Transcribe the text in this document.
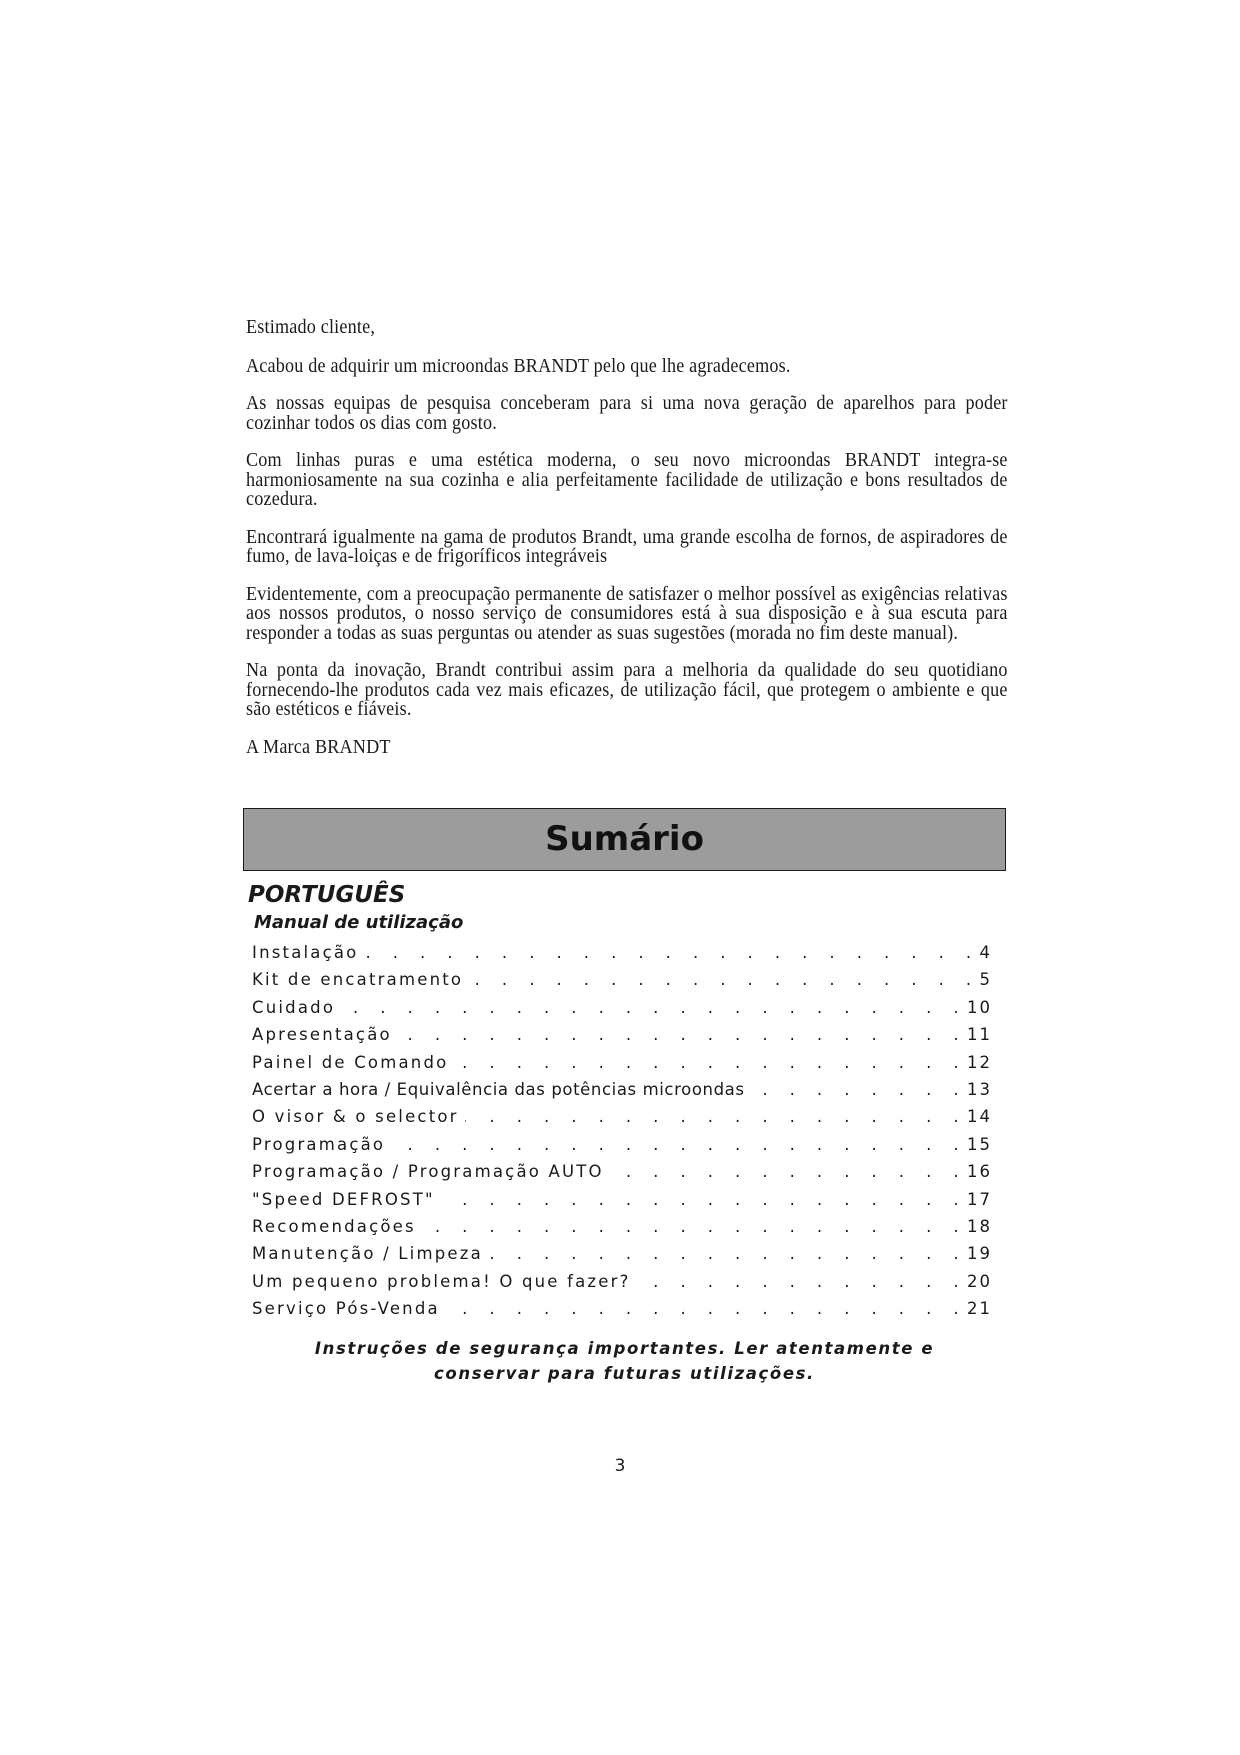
Estimado cliente,

Acabou de adquirir um microondas BRANDT pelo que lhe agradecemos.

As nossas equipas de pesquisa conceberam para si uma nova geração de aparelhos para poder cozinhar todos os dias com gosto.

Com linhas puras e uma estética moderna, o seu novo microondas BRANDT integra-se harmoniosamente na sua cozinha e alia perfeitamente facilidade de utilização e bons resultados de cozedura.

Encontrará igualmente na gama de produtos Brandt, uma grande escolha de fornos, de aspiradores de fumo, de lava-loiças e de frigoríficos integráveis

Evidentemente, com a preocupação permanente de satisfazer o melhor possível as exigências relativas aos nossos produtos, o nosso serviço de consumidores está à sua disposição e à sua escuta para responder a todas as suas perguntas ou atender as suas sugestões (morada no fim deste manual).

Na ponta da inovação, Brandt contribui assim para a melhoria da qualidade do seu quotidiano fornecendo-lhe produtos cada vez mais eficazes, de utilização fácil, que protegem o ambiente e que são estéticos e fiáveis.

A Marca BRANDT

Sumário
PORTUGUÊS
Manual de utilização
Instalação . . .	4
Kit de encatramento . . .	5
Cuidado . . .	10
Apresentação . . .	11
Painel de Comando . . .	12
Acertar a hora / Equivalência das potências microondas . . .	13
O visor & o selector . . .	14
Programação . . .	15
Programação / Programação AUTO . . .	16
"Speed DEFROST" . . .	17
Recomendações . . .	18
Manutenção / Limpeza . . .	19
Um pequeno problema! O que fazer? . . .	20
Serviço Pós-Venda . . .	21
Instruções de segurança importantes. Ler atentamente e
conservar para futuras utilizações.
3
